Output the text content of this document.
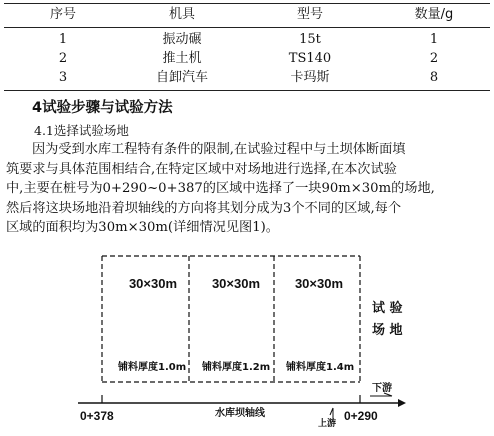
序号	机具	型号	数量/g
1	振动碾	15t	1
2	推土机	TS140	2
3	自卸汽车	卡玛斯	8
4试验步骤与试验方法
4.1选择试验场地
因为受到水库工程特有条件的限制,在试验过程中与土坝体断面填
筑要求与具体范围相结合,在特定区域中对场地进行选择,在本次试验
中,主要在桩号为0+290~0+387的区域中选择了一块90m×30m的场地,
然后将这块场地沿着坝轴线的方向将其划分成为3个不同的区域,每个
区域的面积均为30m×30m(详细情况见图1)。
30×30m	30×30m	30×30m
试 验
场 地
铺料厚度1.0m 铺料厚度1.2m 铺料厚度1.4m
下游
水库坝轴线
0+378	0+290
上游
